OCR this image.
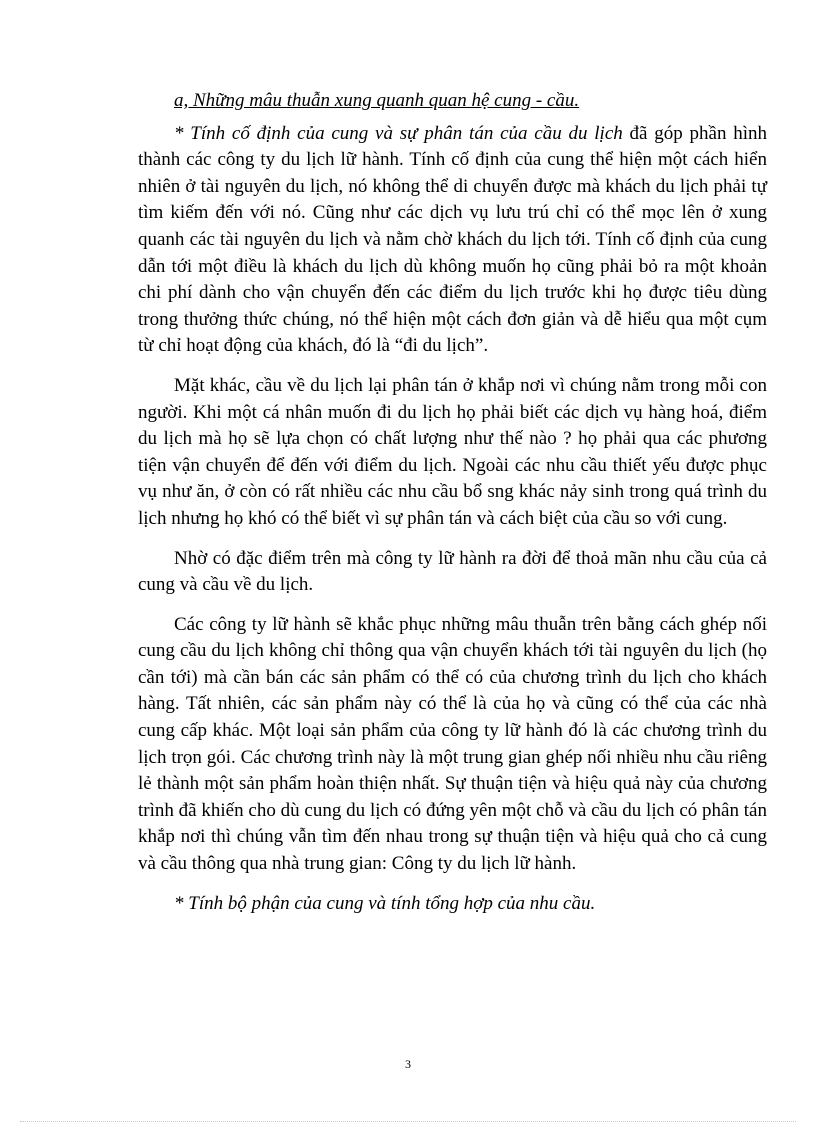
a, Những mâu thuẫn xung quanh quan hệ cung - cầu.

* Tính cố định của cung và sự phân tán của cầu du lịch đã góp phần hình thành các công ty du lịch lữ hành. Tính cố định của cung thể hiện một cách hiển nhiên ở tài nguyên du lịch, nó không thể di chuyển được mà khách du lịch phải tự tìm kiếm đến với nó. Cũng như các dịch vụ lưu trú chỉ có thể mọc lên ở xung quanh các tài nguyên du lịch và nằm chờ khách du lịch tới. Tính cố định của cung dẫn tới một điều là khách du lịch dù không muốn họ cũng phải bỏ ra một khoản chi phí dành cho vận chuyển đến các điểm du lịch trước khi họ được tiêu dùng trong thưởng thức chúng, nó thể hiện một cách đơn giản và dễ hiểu qua một cụm từ chỉ hoạt động của khách, đó là “đi du lịch”.

Mặt khác, cầu về du lịch lại phân tán ở khắp nơi vì chúng nằm trong mỗi con người. Khi một cá nhân muốn đi du lịch họ phải biết các dịch vụ hàng hoá, điểm du lịch mà họ sẽ lựa chọn có chất lượng như thế nào ? họ phải qua các phương tiện vận chuyển để đến với điểm du lịch. Ngoài các nhu cầu thiết yếu được phục vụ như ăn, ở còn có rất nhiều các nhu cầu bổ sng khác nảy sinh trong quá trình du lịch nhưng họ khó có thể biết vì sự phân tán và cách biệt của cầu so với cung.

Nhờ có đặc điểm trên mà công ty lữ hành ra đời để thoả mãn nhu cầu của cả cung và cầu về du lịch.

Các công ty lữ hành sẽ khắc phục những mâu thuẫn trên bằng cách ghép nối cung cầu du lịch không chỉ thông qua vận chuyển khách tới tài nguyên du lịch (họ cần tới) mà cần bán các sản phẩm có thể có của chương trình du lịch cho khách hàng. Tất nhiên, các sản phẩm này có thể là của họ và cũng có thể của các nhà cung cấp khác. Một loại sản phẩm của công ty lữ hành đó là các chương trình du lịch trọn gói. Các chương trình này là một trung gian ghép nối nhiều nhu cầu riêng lẻ thành một sản phẩm hoàn thiện nhất. Sự thuận tiện và hiệu quả này của chương trình đã khiến cho dù cung du lịch có đứng yên một chỗ và cầu du lịch có phân tán khắp nơi thì chúng vẫn tìm đến nhau trong sự thuận tiện và hiệu quả cho cả cung và cầu thông qua nhà trung gian: Công ty du lịch lữ hành.

* Tính bộ phận của cung và tính tổng hợp của nhu cầu.

3
